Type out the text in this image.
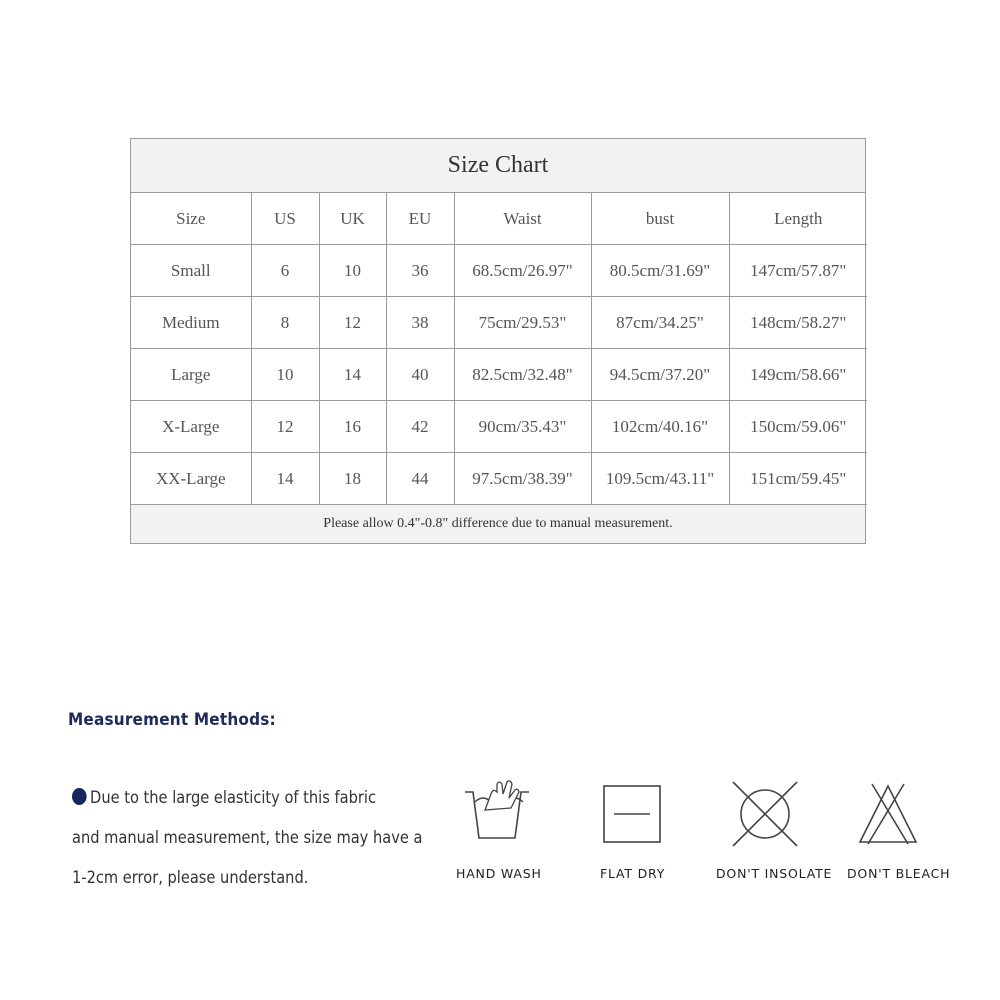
Size Chart
Size	US	UK	EU	Waist	bust	Length
Small	6	10	36	68.5cm/26.97"	80.5cm/31.69"	147cm/57.87"
Medium	8	12	38	75cm/29.53"	87cm/34.25"	148cm/58.27"
Large	10	14	40	82.5cm/32.48"	94.5cm/37.20"	149cm/58.66"
X-Large	12	16	42	90cm/35.43"	102cm/40.16"	150cm/59.06"
XX-Large	14	18	44	97.5cm/38.39"	109.5cm/43.11"	151cm/59.45"
Please allow 0.4"-0.8" difference due to manual measurement.
Measurement Methods:
Due to the large elasticity of this fabric
and manual measurement, the size may have a
1-2cm error, please understand.	HAND WASH	FLAT DRY	DON'T INSOLATE DON'T BLEACH
